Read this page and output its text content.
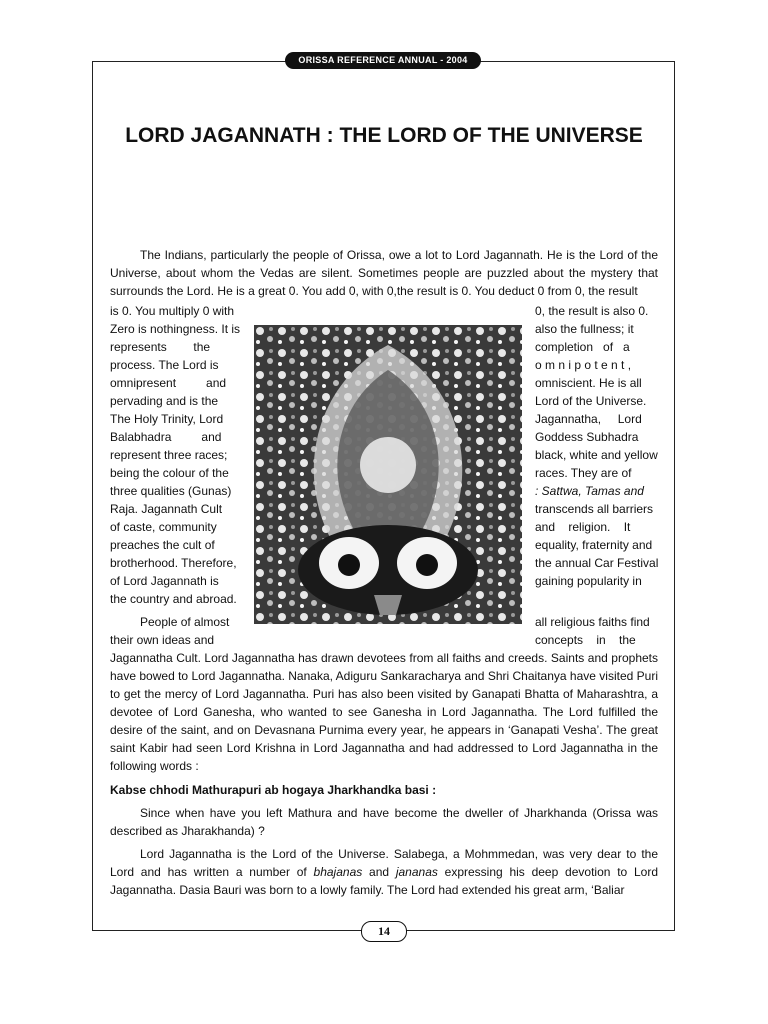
ORISSA REFERENCE ANNUAL - 2004
LORD JAGANNATH : THE LORD OF THE UNIVERSE

The Indians, particularly the people of Orissa, owe a lot to Lord Jagannath. He is the Lord of the Universe, about whom the Vedas are silent. Sometimes people are puzzled about the mystery that surrounds the Lord. He is a great 0. You add 0, with 0,the result is 0. You deduct 0 from 0, the result

is 0. You multiply 0 with
Zero is nothingness. It is
represents        the
process. The Lord is
omnipresent         and
pervading and is the
The Holy Trinity, Lord
Balabhadra         and
represent three races;
being the colour of the
three qualities (Gunas)
Raja. Jagannath Cult
of caste, community
preaches the cult of
brotherhood. Therefore,
of Lord Jagannath is
the country and abroad.
0, the result is also 0.
also the fullness; it
completion   of   a
o m n i p o t e n t ,
omniscient. He is all
Lord of the Universe.
Jagannatha,     Lord
Goddess Subhadra
black, white and yellow
races. They are of
: Sattwa, Tamas and
transcends all barriers
and    religion.    It
equality, fraternity and
the annual Car Festival
gaining popularity in
People of almost
their own ideas and
all religious faiths find
concepts    in    the

Jagannatha Cult. Lord Jagannatha has drawn devotees from all faiths and creeds. Saints and prophets have bowed to Lord Jagannatha. Nanaka, Adiguru Sankaracharya and Shri Chaitanya have visited Puri to get the mercy of Lord Jagannatha. Puri has also been visited by Ganapati Bhatta of Maharashtra, a devotee of Lord Ganesha, who wanted to see Ganesha in Lord Jagannatha. The Lord fulfilled the desire of the saint, and on Devasnana Purnima every year, he appears in ‘Ganapati Vesha’. The great saint Kabir had seen Lord Krishna in Lord Jagannatha and had addressed to Lord Jagannatha in the following words :

Kabse chhodi Mathurapuri ab hogaya Jharkhandka basi :

Since when have you left Mathura and have become the dweller of Jharkhanda (Orissa was described as Jharakhanda) ?

Lord Jagannatha is the Lord of the Universe. Salabega, a Mohmmedan, was very dear to the Lord and has written a number of bhajanas and jananas expressing his deep devotion to Lord Jagannatha. Dasia Bauri was born to a lowly family. The Lord had extended his great arm, ‘Baliar

14
